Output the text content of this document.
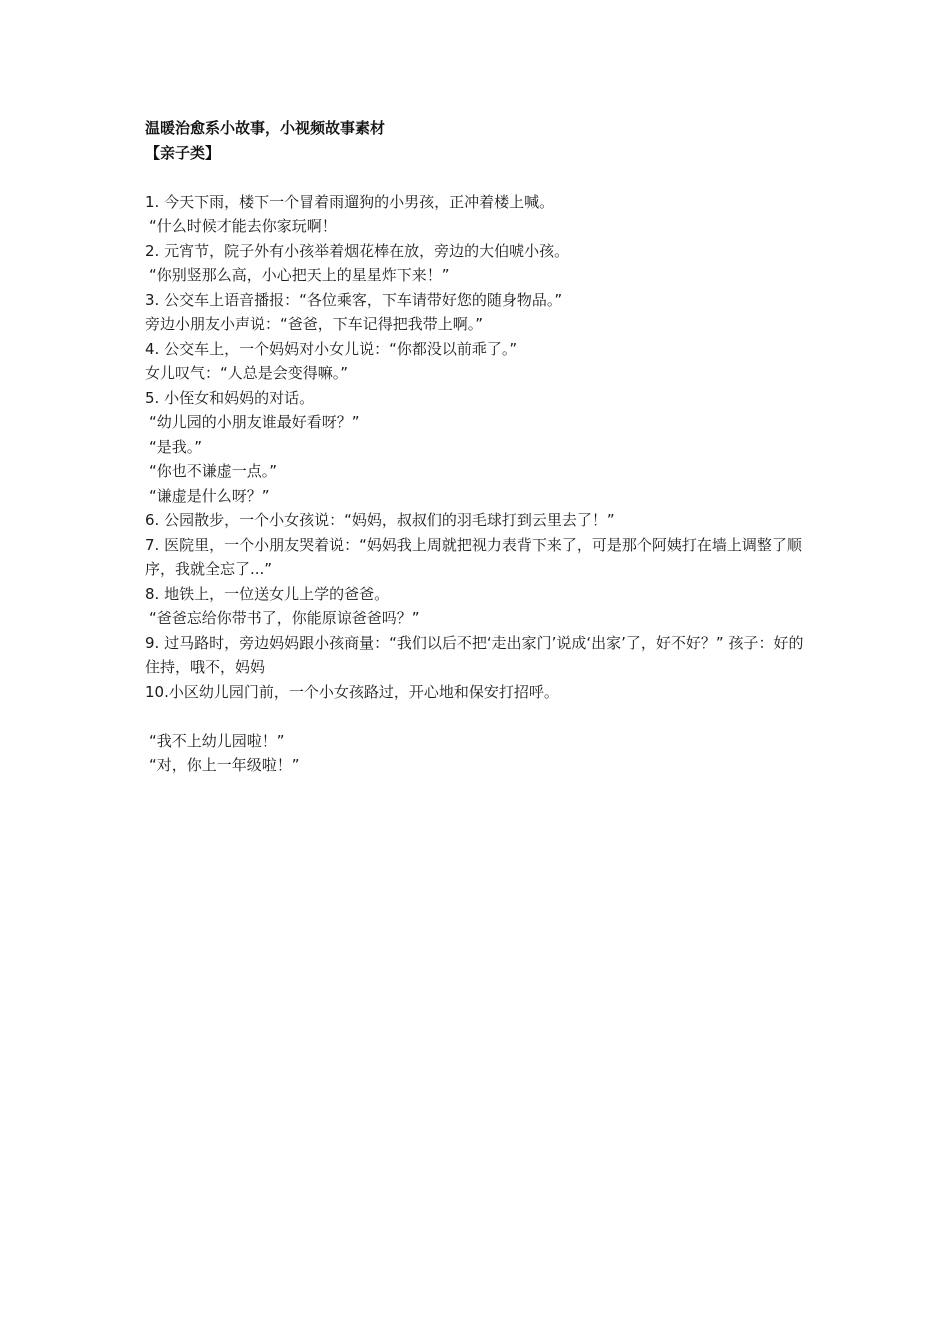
温暖治愈系小故事，小视频故事素材

【亲子类】

1. 今天下雨，楼下一个冒着雨遛狗的小男孩，正冲着楼上喊。

“什么时候才能去你家玩啊！

2. 元宵节，院子外有小孩举着烟花棒在放，旁边的大伯唬小孩。

“你别竖那么高，小心把天上的星星炸下来！”

3. 公交车上语音播报：“各位乘客，下车请带好您的随身物品。”

旁边小朋友小声说：“爸爸，下车记得把我带上啊。”

4. 公交车上，一个妈妈对小女儿说：“你都没以前乖了。”

女儿叹气：“人总是会变得嘛。”

5. 小侄女和妈妈的对话。

“幼儿园的小朋友谁最好看呀？”

“是我。”

“你也不谦虚一点。”

“谦虚是什么呀？”

6. 公园散步，一个小女孩说：“妈妈，叔叔们的羽毛球打到云里去了！”

7. 医院里，一个小朋友哭着说：“妈妈我上周就把视力表背下来了，可是那个阿姨打在墙上调整了顺序，我就全忘了...”

8. 地铁上，一位送女儿上学的爸爸。

“爸爸忘给你带书了，你能原谅爸爸吗？”

9. 过马路时，旁边妈妈跟小孩商量：“我们以后不把‘走出家门’说成‘出家’了，好不好？” 孩子：好的住持，哦不，妈妈

10.小区幼儿园门前，一个小女孩路过，开心地和保安打招呼。

“我不上幼儿园啦！”

“对，你上一年级啦！”
